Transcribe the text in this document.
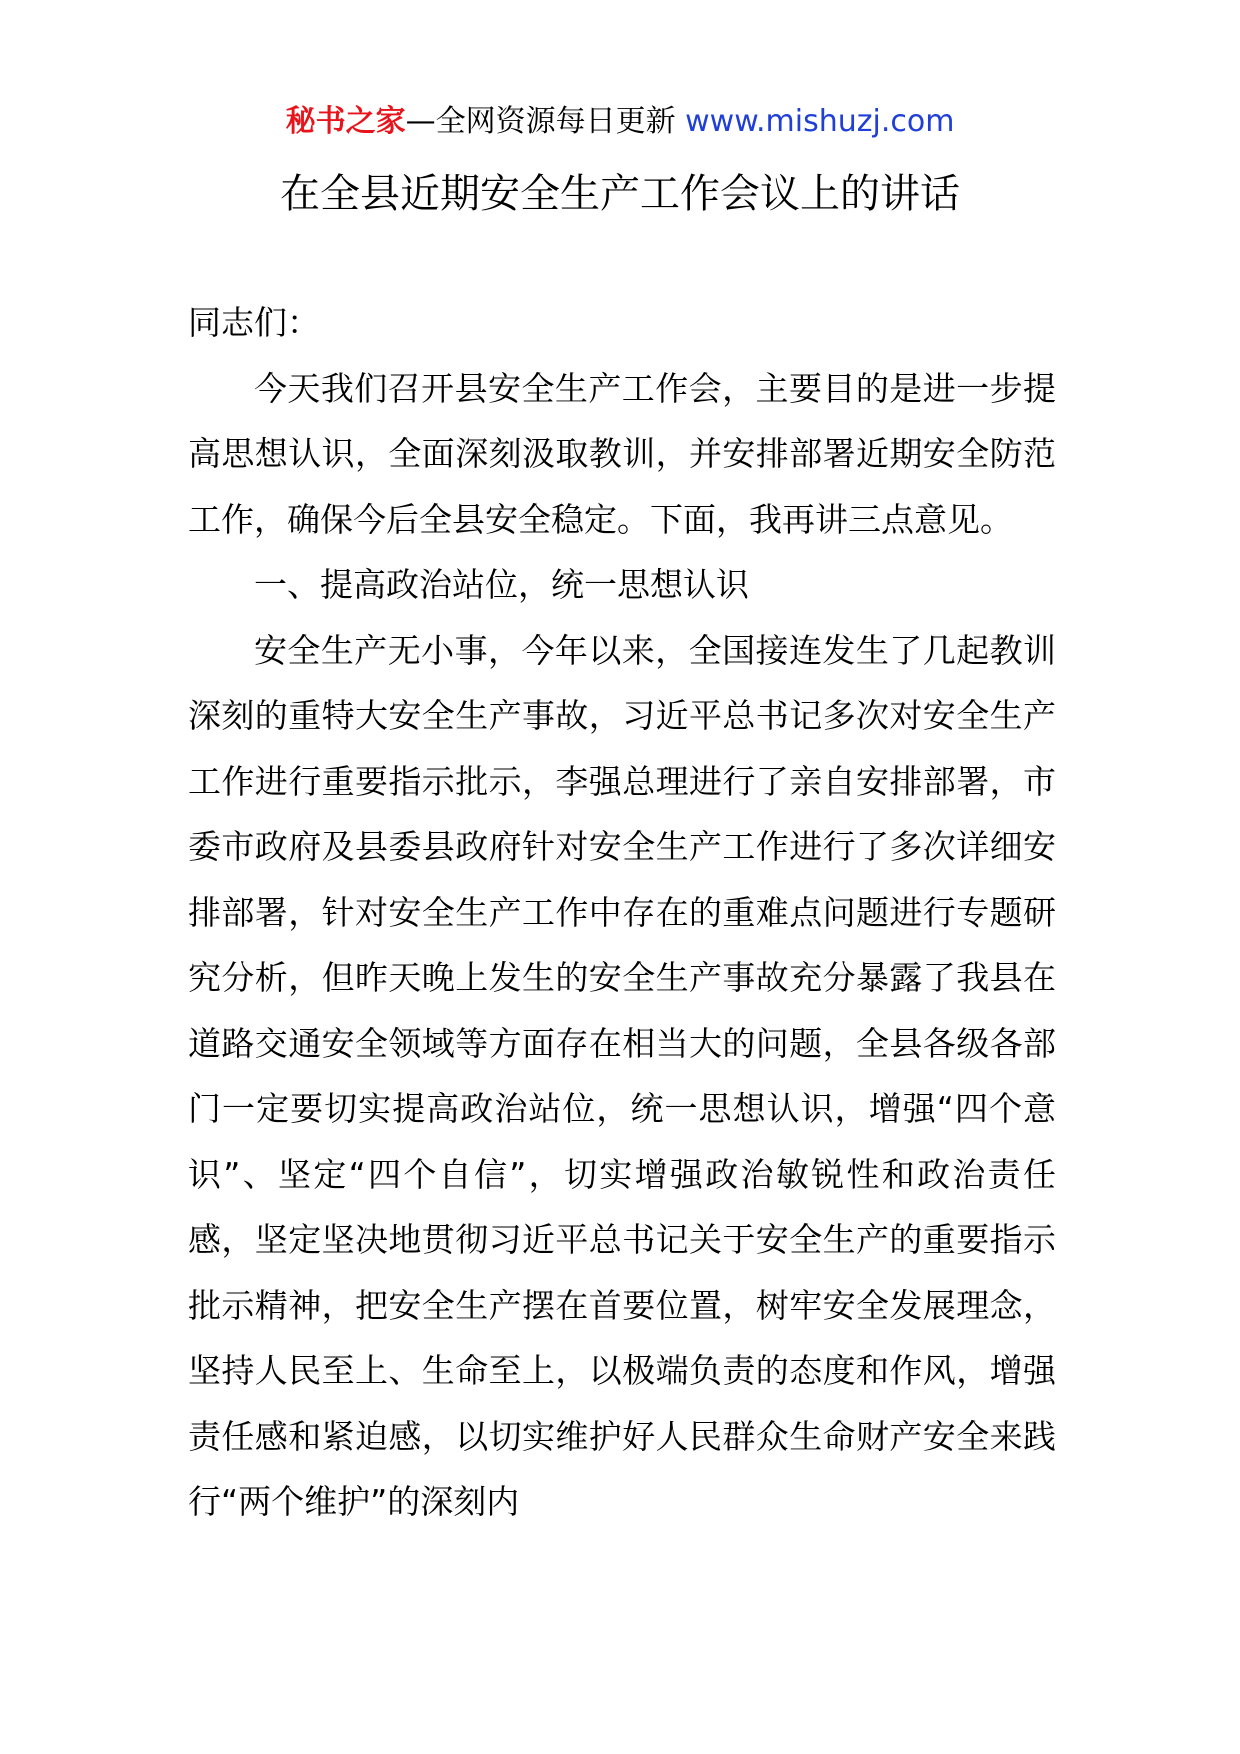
秘书之家—全网资源每日更新 www.mishuzj.com
在全县近期安全生产工作会议上的讲话

同志们：

今天我们召开县安全生产工作会，主要目的是进一步提高思想认识，全面深刻汲取教训，并安排部署近期安全防范工作，确保今后全县安全稳定。下面，我再讲三点意见。

一、提高政治站位，统一思想认识

安全生产无小事，今年以来，全国接连发生了几起教训深刻的重特大安全生产事故，习近平总书记多次对安全生产工作进行重要指示批示，李强总理进行了亲自安排部署，市委市政府及县委县政府针对安全生产工作进行了多次详细安排部署，针对安全生产工作中存在的重难点问题进行专题研究分析，但昨天晚上发生的安全生产事故充分暴露了我县在道路交通安全领域等方面存在相当大的问题，全县各级各部门一定要切实提高政治站位，统一思想认识，增强“四个意识”、坚定“四个自信”，切实增强政治敏锐性和政治责任感，坚定坚决地贯彻习近平总书记关于安全生产的重要指示批示精神，把安全生产摆在首要位置，树牢安全发展理念，坚持人民至上、生命至上，以极端负责的态度和作风，增强责任感和紧迫感，以切实维护好人民群众生命财产安全来践行“两个维护”的深刻内
